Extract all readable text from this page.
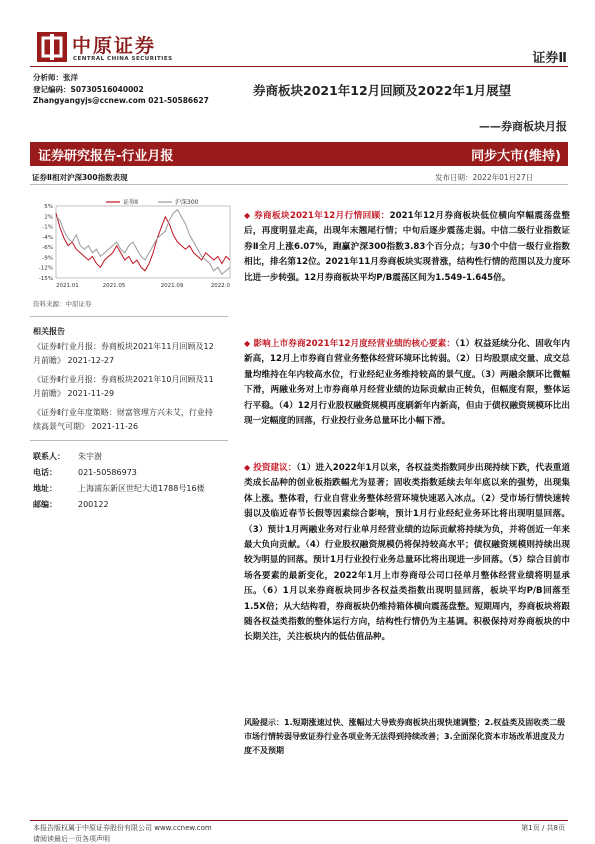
中原证券
CENTRAL CHINA SECURITIES	证券Ⅱ
分析师：张洋
登记编码：S0730516040002
Zhangyangyjs@ccnew.com 021-50586627
券商板块2021年12月回顾及2022年1月展望
——券商板块月报
证券研究报告-行业月报	同步大市(维持)
证券Ⅱ相对沪深300指数表现	发布日期：2022年01月27日
5%
2%
-1%
-4%
-6%
-9%
-12%
-15%
2021.01	2021.05	2021.09	2022.0
证券Ⅱ	沪深300
资料来源：中原证券
相关报告
《证券Ⅱ行业月报：券商板块2021年11月回顾及12月前瞻》 2021-12-27
《证券Ⅱ行业月报：券商板块2021年10月回顾及11月前瞻》 2021-11-29
《证券Ⅱ行业年度策略：财富管理方兴未艾，行业持续高景气可期》 2021-11-26
联系人： 朱宇澍
电话：	021-50586973
地址：	上海浦东新区世纪大道1788号16楼
邮编：	200122
◆ 券商板块2021年12月行情回顾：2021年12月券商板块低位横向窄幅震荡盘整后，再度明显走高，出现年末翘尾行情；中旬后逐步震荡走弱。中信二级行业指数证券Ⅱ全月上涨6.07%，跑赢沪深300指数3.83个百分点；与30个中信一级行业指数相比，排名第12位。2021年11月券商板块实现普涨，结构性行情的范围以及力度环比进一步转强。12月券商板块平均P/B震荡区间为1.549-1.645倍。
◆ 影响上市券商2021年12月度经营业绩的核心要素：（1）权益延续分化、固收年内新高，12月上市券商自营业务整体经营环境环比转弱。（2）日均股票成交量、成交总量均维持在年内较高水位，行业经纪业务维持较高的景气度。（3）两融余额环比微幅下滑，两融业务对上市券商单月经营业绩的边际贡献由正转负，但幅度有限，整体运行平稳。（4）12月行业股权融资规模再度刷新年内新高，但由于债权融资规模环比出现一定幅度的回落，行业投行业务总量环比小幅下滑。
◆ 投资建议：（1）进入2022年1月以来，各权益类指数同步出现持续下跌，代表重道类成长品种的创业板指跌幅尤为显著；固收类指数延续去年年底以来的强势，出现集体上涨。整体看，行业自营业务整体经营环境快速恶入冰点。（2）受市场行情快速转弱以及临近春节长假等因素综合影响，预计1月行业经纪业务环比将出现明显回落。（3）预计1月两融业务对行业单月经营业绩的边际贡献将持续为负，并将创近一年来最大负向贡献。（4）行业股权融资规模仍将保持较高水平；债权融资规模则持续出现较为明显的回落。预计1月行业投行业务总量环比将出现进一步回落。（5）综合目前市场各要素的最新变化，2022年1月上市券商母公司口径单月整体经营业绩将明显承压。（6）1月以来券商板块同步各权益类指数出现明显回落，板块平均P/B回落至1.5X倍；从大结构看，券商板块仍维持箱体横向震荡盘整。短期周内，券商板块将跟随各权益类指数的整体运行方向，结构性行情仍为主基调。积极保持对券商板块的中长期关注，关注板块内的低估值品种。
风险提示：1.短期涨速过快、涨幅过大导致券商板块出现快速调整；2.权益类及固收类二级市场行情转弱导致证券行业各项业务无法得到持续改善；3.全面深化资本市场改革进度及力度不及预期
本报告版权属于中原证券股份有限公司 www.ccnew.com
请阅读最后一页各项声明
第1页 / 共8页
